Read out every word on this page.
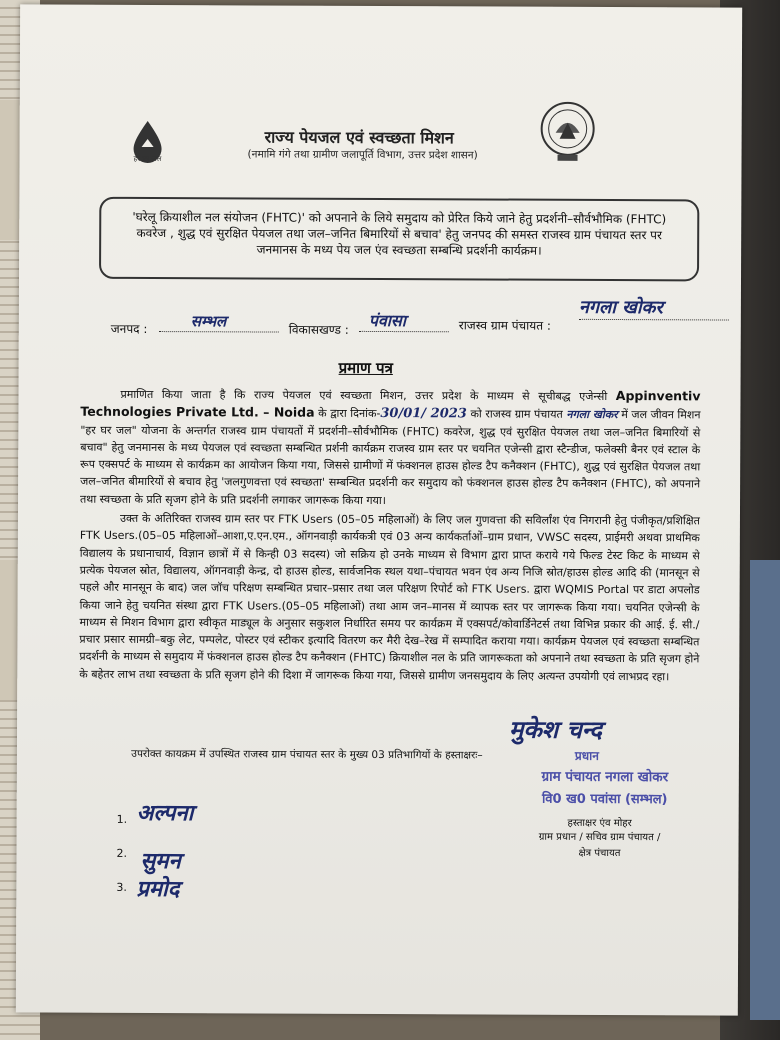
हर घर जल
राज्य पेयजल एवं स्वच्छता मिशन
(नमामि गंगे तथा ग्रामीण जलापूर्ति विभाग, उत्तर प्रदेश शासन)
'घरेलू क्रियाशील नल संयोजन (FHTC)' को अपनाने के लिये समुदाय को प्रेरित किये जाने हेतु प्रदर्शनी–सौर्वभौमिक (FHTC) कवरेज , शुद्ध एवं सुरक्षित पेयजल तथा जल–जनित बिमारियों से बचाव' हेतु जनपद की समस्त राजस्व ग्राम पंचायत स्तर पर जनमानस के मध्य पेय जल एंव स्वच्छता सम्बन्धि प्रदर्शनी कार्यक्रम।
जनपद :	सम्भल	विकासखण्ड :	पंवासा	राजस्व ग्राम पंचायत :
नगला खोकर
प्रमाण पत्र

प्रमाणित किया जाता है कि राज्य पेयजल एवं स्वच्छता मिशन, उत्तर प्रदेश के माध्यम से सूचीबद्ध एजेन्सी Appinventiv Technologies Private Ltd. – Noida के द्वारा दिनांक-30/01/ 2023 को राजस्व ग्राम पंचायत नगला खोकर में जल जीवन मिशन "हर घर जल" योजना के अन्तर्गत राजस्व ग्राम पंचायतों में प्रदर्शनी–सौर्वभौमिक (FHTC) कवरेज, शुद्ध एवं सुरक्षित पेयजल तथा जल–जनित बिमारियों से बचाव" हेतु जनमानस के मध्य पेयजल एवं स्वच्छता सम्बन्धित प्रर्शनी कार्यक्रम राजस्व ग्राम स्तर पर चयनित एजेन्सी द्वारा स्टैन्डीज, फलेक्सी बैनर एवं स्टाल के रूप एक्सपर्ट के माध्यम से कार्यक्रम का आयोजन किया गया, जिससे ग्रामीणों में फंक्शनल हाउस होल्ड टैप कनैक्शन (FHTC), शुद्ध एवं सुरक्षित पेयजल तथा जल–जनित बीमारियों से बचाव हेतु 'जलगुणवत्ता एवं स्वच्छता' सम्बन्धित प्रदर्शनी कर समुदाय को फंक्शनल हाउस होल्ड टैप कनैक्शन (FHTC), को अपनाने तथा स्वच्छता के प्रति सृजग होने के प्रति प्रदर्शनी लगाकर जागरूक किया गया।

उक्त के अतिरिक्त राजस्व ग्राम स्तर पर FTK Users (05–05 महिलाओं) के लिए जल गुणवत्ता की सविर्लांश एंव निगरानी हेतु पंजीकृत/प्रशिक्षित FTK Users.(05–05 महिलाओं–आशा,ए.एन.एम., ऑगनवाड़ी कार्यकत्री एवं 03 अन्य कार्यकर्ताओं–ग्राम प्रधान, VWSC सदस्य, प्राईमरी अथवा प्राथमिक विद्यालय के प्रधानाचार्य, विज्ञान छात्रों में से किन्ही 03 सदस्य) जो सक्रिय हो उनके माध्यम से विभाग द्वारा प्राप्त कराये गये फिल्ड टेस्ट किट के माध्यम से प्रत्येक पेयजल स्रोत, विद्यालय, ऑगनवाड़ी केन्द्र, दो हाउस होल्ड, सार्वजनिक स्थल यथा–पंचायत भवन एंव अन्य निजि स्रोत/हाउस होल्ड आदि की (मानसून से पहले और मानसून के बाद) जल जॉच परिक्षण सम्बन्धित प्रचार–प्रसार तथा जल परिक्षण रिपोर्ट को FTK Users. द्वारा WQMIS Portal पर डाटा अपलोड किया जाने हेतु चयनित संस्था द्वारा FTK Users.(05–05 महिलाओं) तथा आम जन–मानस में व्यापक स्तर पर जागरूक किया गया। चयनित एजेन्सी के माध्यम से मिशन विभाग द्वारा स्वीकृत माड्यूल के अनुसार सकुशल निर्धारित समय पर कार्यक्रम में एक्सपर्ट/कोवार्डिनेटर्स तथा विभिन्न प्रकार की आई. ई. सी./प्रचार प्रसार सामग्री–बकु लेट, पम्पलेट, पोस्टर एवं स्टीकर इत्यादि वितरण कर मैरी देख–रेख में सम्पादित कराया गया। कार्यक्रम पेयजल एवं स्वच्छता सम्बन्धित प्रदर्शनी के माध्यम से समुदाय में फंक्शनल हाउस होल्ड टैप कनैक्शन (FHTC) क्रियाशील नल के प्रति जागरूकता को अपनाने तथा स्वच्छता के प्रति सृजग होने के बहेतर लाभ तथा स्वच्छता के प्रति सृजग होने की दिशा में जागरूक किया गया, जिससे ग्रामीण जनसमुदाय के लिए अत्यन्त उपयोगी एवं लाभप्रद रहा।

उपरोक्त कायक्रम में उपस्थित राजस्व ग्राम पंचायत स्तर के मुख्य 03 प्रतिभागियों के हस्ताक्षरः–
1. अल्पना
2. सुमन
3. प्रमोद
मुकेश चन्द
प्रधान
ग्राम पंचायत नगला खोकर
वि0 ख0 पवांसा (सम्भल)
हस्ताक्षर एंव मोहर
ग्राम प्रधान / सचिव ग्राम पंचायत /
क्षेत्र पंचायत
